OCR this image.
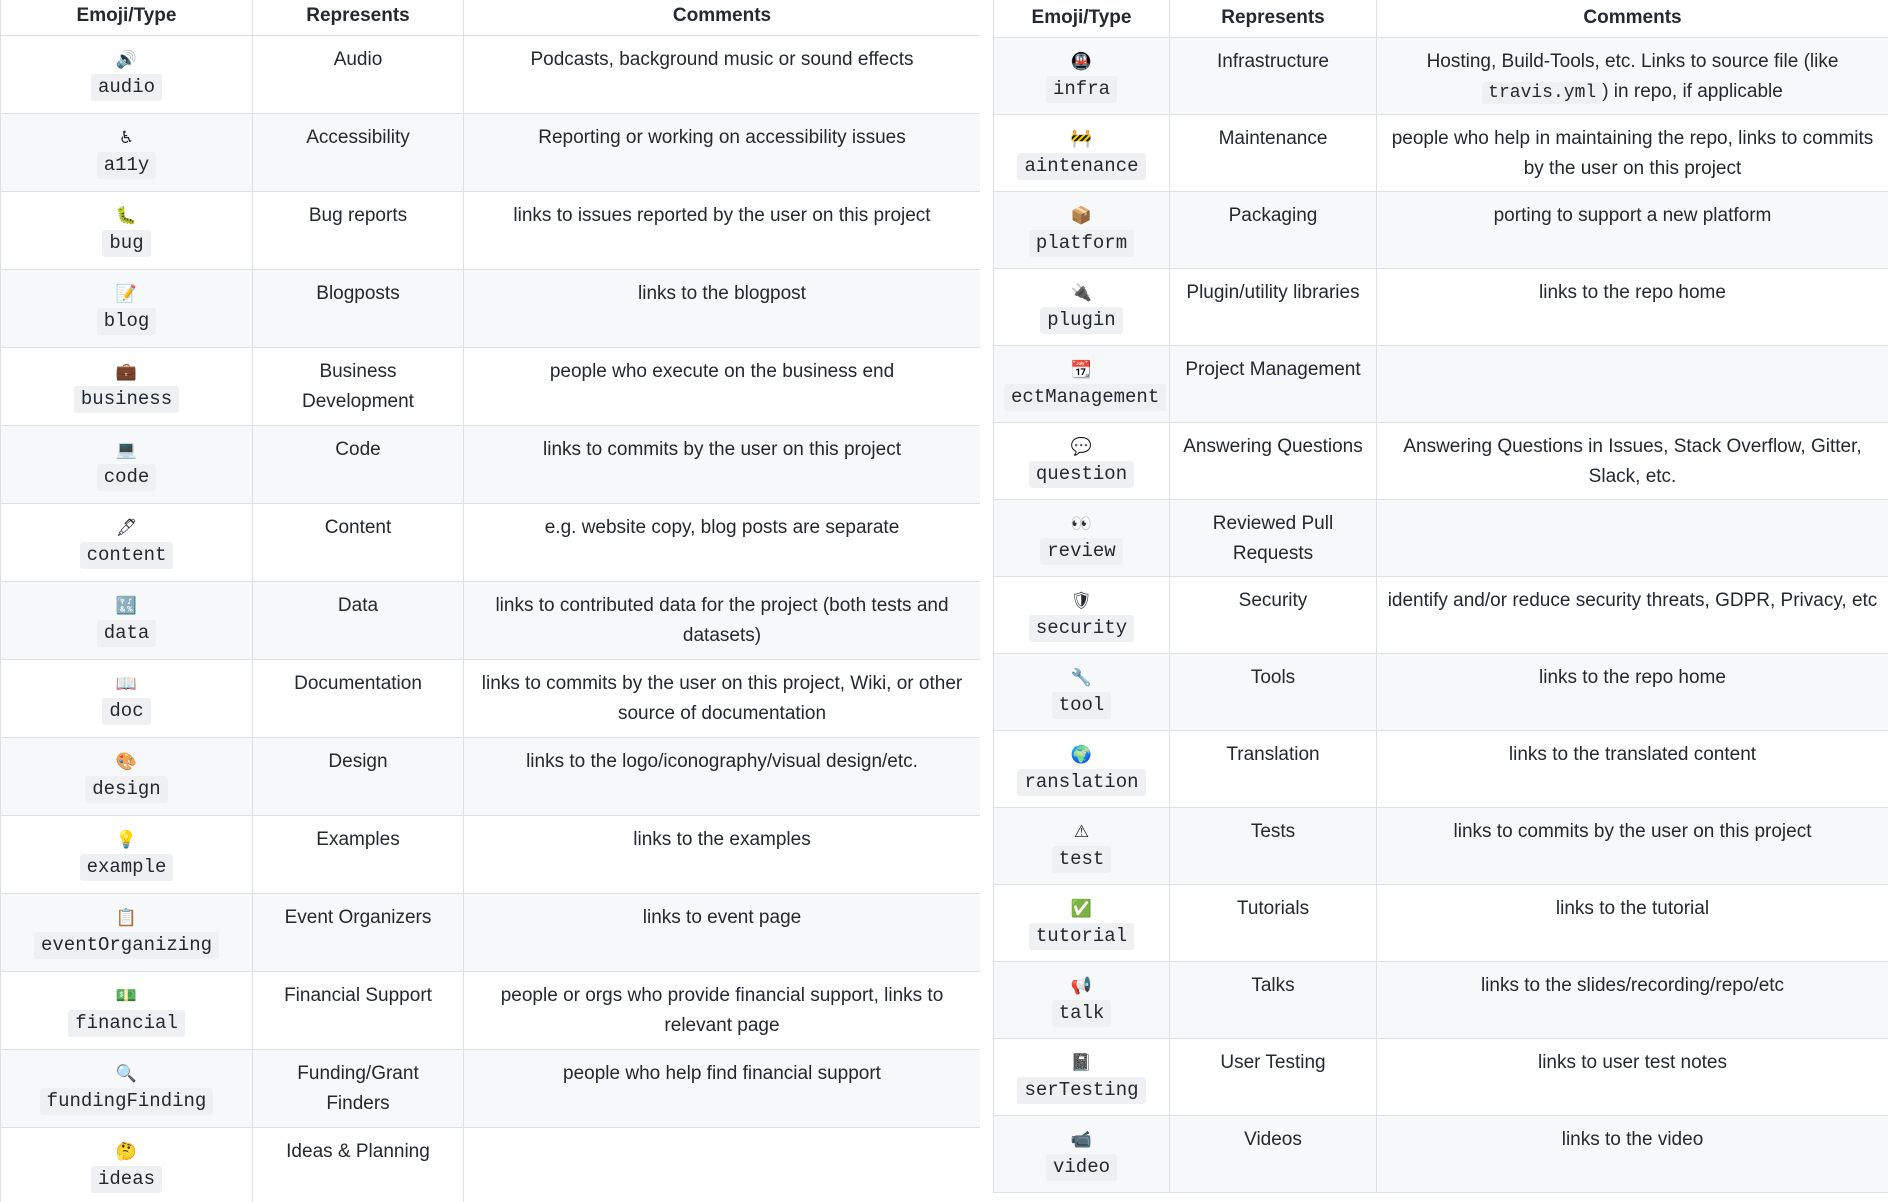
Emoji/Type	Represents	Comments

🔊
audio	Audio	Podcasts, background music or sound effects

♿
a11y	Accessibility	Reporting or working on accessibility issues

🐛
bug	Bug reports	links to issues reported by the user on this project

📝
blog	Blogposts	links to the blogpost

💼
business	Business Development	people who execute on the business end

💻
code	Code	links to commits by the user on this project

🖋
content	Content	e.g. website copy, blog posts are separate

🔣
data	Data	links to contributed data for the project (both tests and datasets)

📖
doc	Documentation	links to commits by the user on this project, Wiki, or other source of documentation

🎨
design	Design	links to the logo/iconography/visual design/etc.

💡
example	Examples	links to the examples

📋
eventOrganizing	Event Organizers	links to event page

💵
financial	Financial Support	people or orgs who provide financial support, links to relevant page

🔍
fundingFinding	Funding/Grant Finders	people who help find financial support

🤔
ideas	Ideas & Planning	
Emoji/Type	Represents	Comments

🚇
infra	Infrastructure	Hosting, Build-Tools, etc. Links to source file (like travis.yml ) in repo, if applicable

🚧
aintenance	Maintenance	people who help in maintaining the repo, links to commits by the user on this project

📦
platform	Packaging	porting to support a new platform

🔌
plugin	Plugin/utility libraries	links to the repo home

📆
ectManagement	Project Management	

💬
question	Answering Questions	Answering Questions in Issues, Stack Overflow, Gitter, Slack, etc.

👀
review	Reviewed Pull Requests	

🛡
security	Security	identify and/or reduce security threats, GDPR, Privacy, etc

🔧
tool	Tools	links to the repo home

🌍
ranslation	Translation	links to the translated content

⚠
test	Tests	links to commits by the user on this project

✅
tutorial	Tutorials	links to the tutorial

📢
talk	Talks	links to the slides/recording/repo/etc

📓
serTesting	User Testing	links to user test notes

📹
video	Videos	links to the video
